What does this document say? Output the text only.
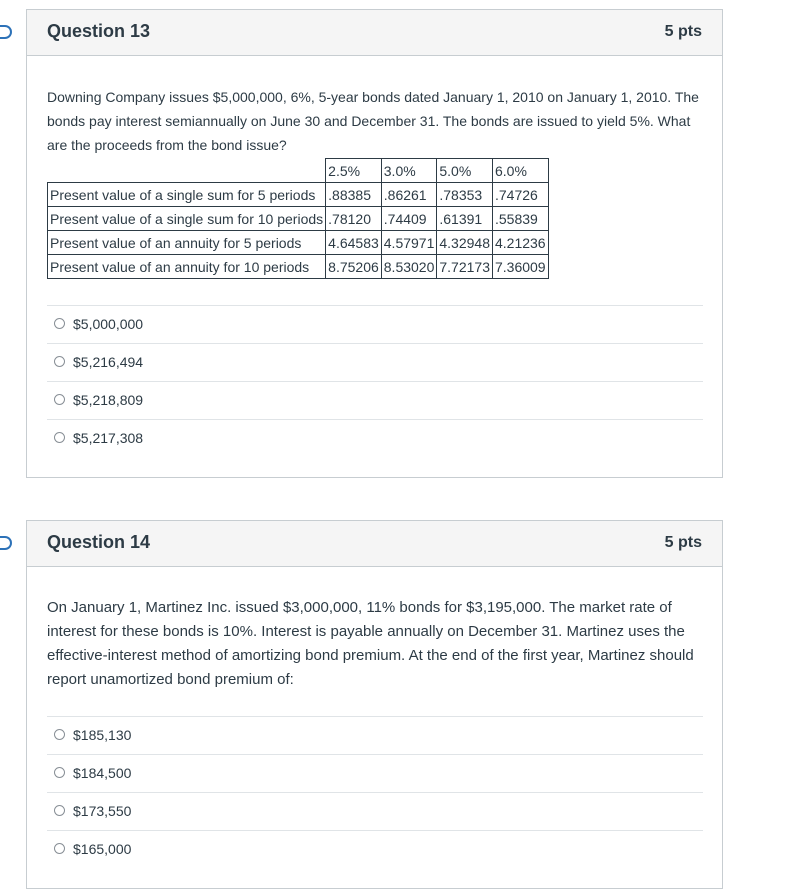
Question 13	5 pts
Downing Company issues $5,000,000, 6%, 5-year bonds dated January 1, 2010 on January 1, 2010. The bonds pay interest semiannually on June 30 and December 31. The bonds are issued to yield 5%. What are the proceeds from the bond issue?
	2.5%	3.0%	5.0%	6.0%
Present value of a single sum for 5 periods	.88385	.86261	.78353	.74726
Present value of a single sum for 10 periods	.78120	.74409	.61391	.55839
Present value of an annuity for 5 periods	4.64583	4.57971	4.32948	4.21236
Present value of an annuity for 10 periods	8.75206	8.53020	7.72173	7.36009
$5,000,000
$5,216,494
$5,218,809
$5,217,308
Question 14	5 pts
On January 1, Martinez Inc. issued $3,000,000, 11% bonds for $3,195,000. The market rate of interest for these bonds is 10%. Interest is payable annually on December 31. Martinez uses the effective-interest method of amortizing bond premium. At the end of the first year, Martinez should report unamortized bond premium of:
$185,130
$184,500
$173,550
$165,000
